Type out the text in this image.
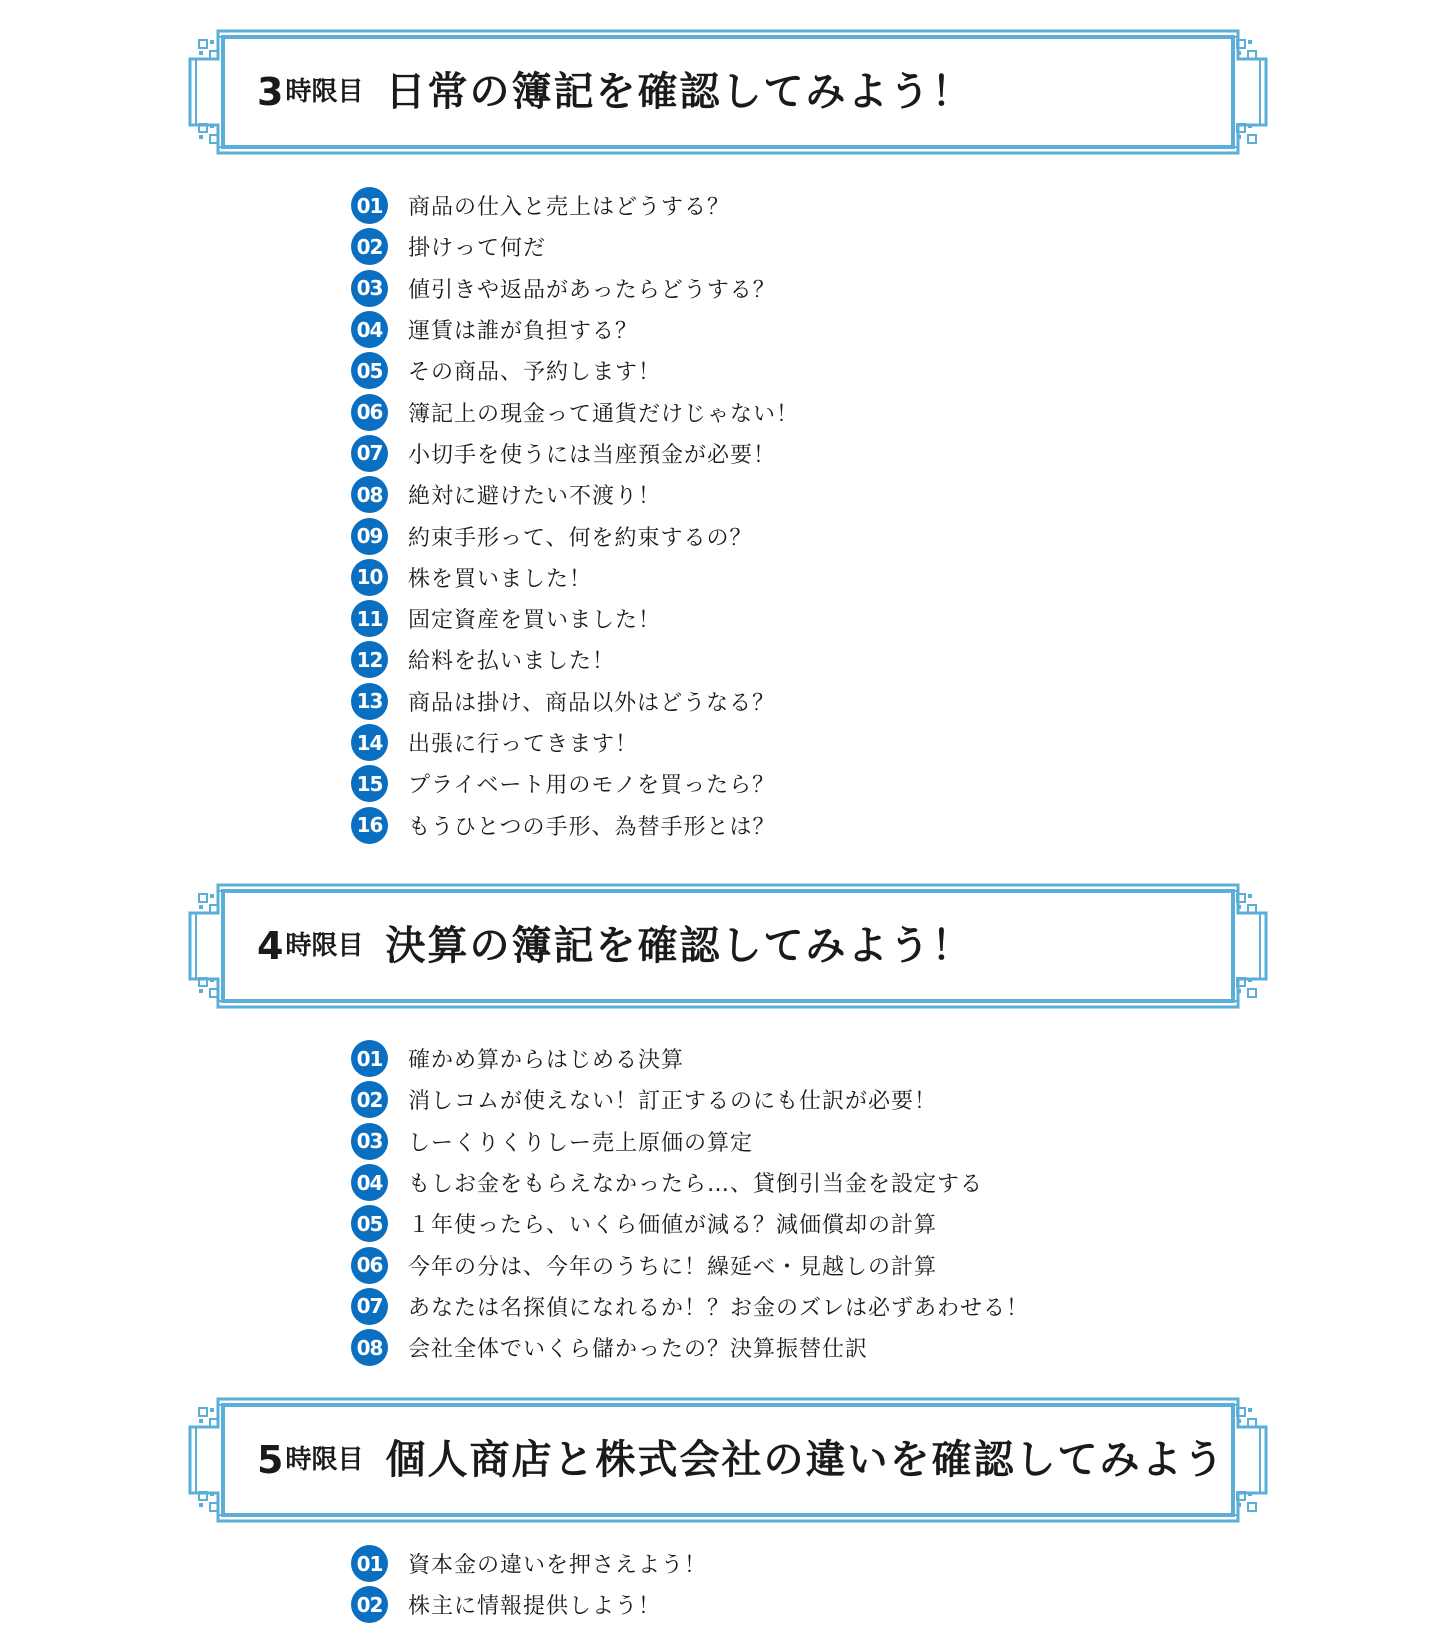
3 時限目 日常の簿記を確認してみよう！
01 商品の仕入と売上はどうする？
02 掛けって何だ
03 値引きや返品があったらどうする？
04 運賃は誰が負担する？
05 その商品、予約します！
06 簿記上の現金って通貨だけじゃない！
07 小切手を使うには当座預金が必要！
08 絶対に避けたい不渡り！
09 約束手形って、何を約束するの？
10 株を買いました！
11 固定資産を買いました！
12 給料を払いました！
13 商品は掛け、商品以外はどうなる？
14 出張に行ってきます！
15 プライベート用のモノを買ったら？
16 もうひとつの手形、為替手形とは？
4 時限目 決算の簿記を確認してみよう！
01 確かめ算からはじめる決算
02 消しコムが使えない！訂正するのにも仕訳が必要！
03 しーくりくりしー売上原価の算定
04 もしお金をもらえなかったら…、貸倒引当金を設定する
05 １年使ったら、いくら価値が減る？減価償却の計算
06 今年の分は、今年のうちに！繰延べ・見越しの計算
07 あなたは名探偵になれるか！？お金のズレは必ずあわせる！
08 会社全体でいくら儲かったの？決算振替仕訳
5 時限目 個人商店と株式会社の違いを確認してみよう
01 資本金の違いを押さえよう！
02 株主に情報提供しよう！
